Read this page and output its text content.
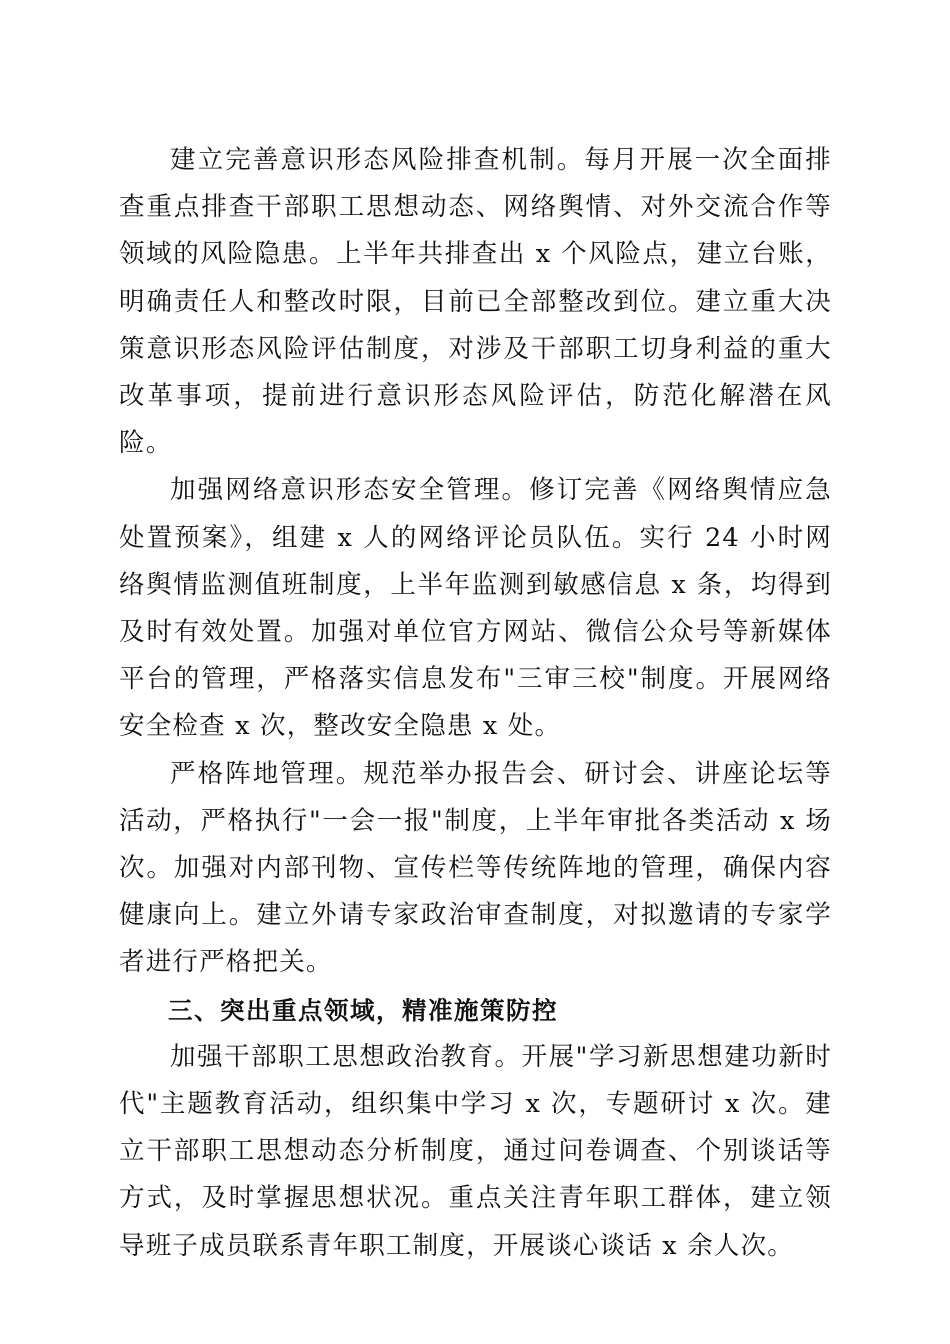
建立完善意识形态风险排查机制。每月开展一次全面排查重点排查干部职工思想动态、网络舆情、对外交流合作等领域的风险隐患。上半年共排查出 x 个风险点，建立台账，明确责任人和整改时限，目前已全部整改到位。建立重大决策意识形态风险评估制度，对涉及干部职工切身利益的重大改革事项，提前进行意识形态风险评估，防范化解潜在风险。

加强网络意识形态安全管理。修订完善《网络舆情应急处置预案》，组建 x 人的网络评论员队伍。实行 24 小时网络舆情监测值班制度，上半年监测到敏感信息 x 条，均得到及时有效处置。加强对单位官方网站、微信公众号等新媒体平台的管理，严格落实信息发布"三审三校"制度。开展网络安全检查 x 次，整改安全隐患 x 处。

严格阵地管理。规范举办报告会、研讨会、讲座论坛等活动，严格执行"一会一报"制度，上半年审批各类活动 x 场次。加强对内部刊物、宣传栏等传统阵地的管理，确保内容健康向上。建立外请专家政治审查制度，对拟邀请的专家学者进行严格把关。

三、突出重点领域，精准施策防控

加强干部职工思想政治教育。开展"学习新思想建功新时代"主题教育活动，组织集中学习 x 次，专题研讨 x 次。建立干部职工思想动态分析制度，通过问卷调查、个别谈话等方式，及时掌握思想状况。重点关注青年职工群体，建立领导班子成员联系青年职工制度，开展谈心谈话 x 余人次。
